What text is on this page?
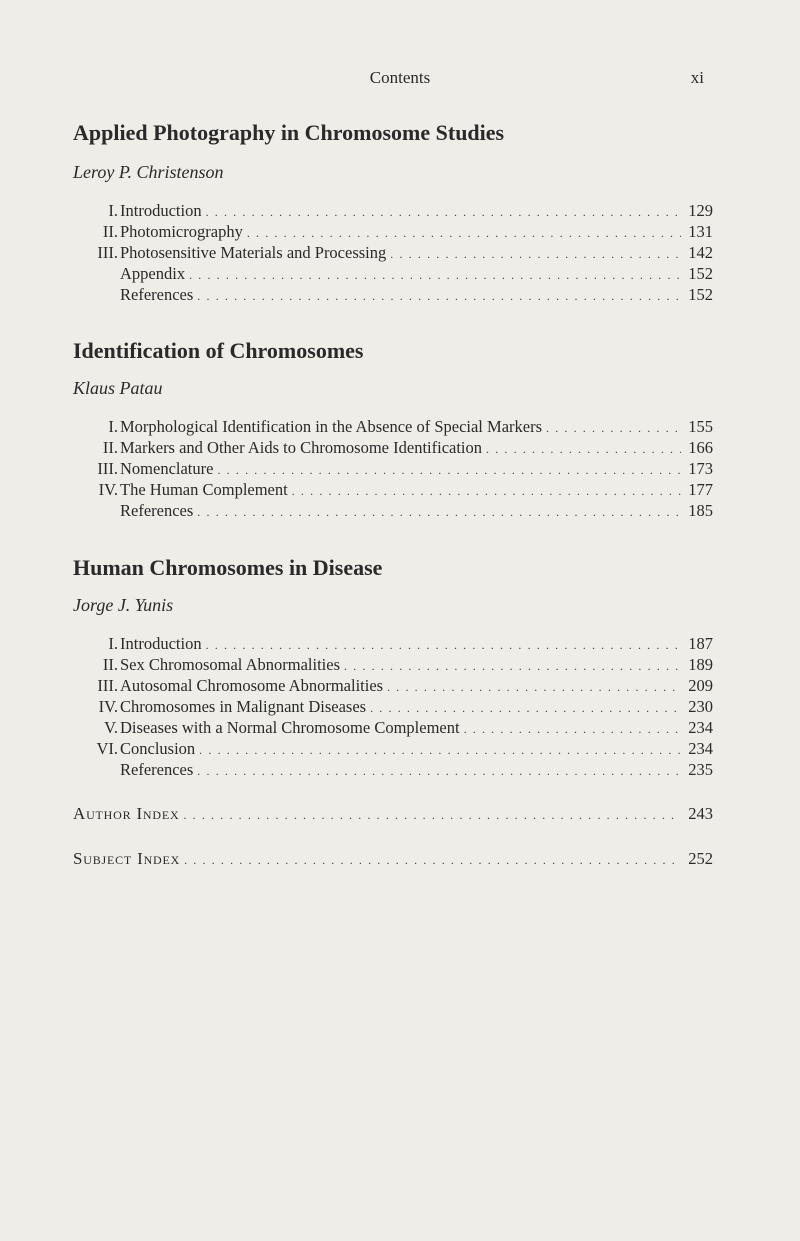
Contents	xi
Applied Photography in Chromosome Studies

Leroy P. Christenson

I. Introduction . . .	129
II. Photomicrography . . .	131
III. Photosensitive Materials and Processing . . .	142
Appendix . . .	152
References . . .	152
Identification of Chromosomes

Klaus Patau

I. Morphological Identification in the Absence of Special Markers . . .	155
II. Markers and Other Aids to Chromosome Identification . . .	166
III. Nomenclature . . .	173
IV. The Human Complement . . .	177
References . . .	185
Human Chromosomes in Disease

Jorge J. Yunis

I. Introduction . . .	187
II. Sex Chromosomal Abnormalities . . .	189
III. Autosomal Chromosome Abnormalities . . .	209
IV. Chromosomes in Malignant Diseases . . .	230
V. Diseases with a Normal Chromosome Complement . . .	234
VI. Conclusion . . .	234
References . . .	235
Author Index . . .	243
Subject Index . . .	252
